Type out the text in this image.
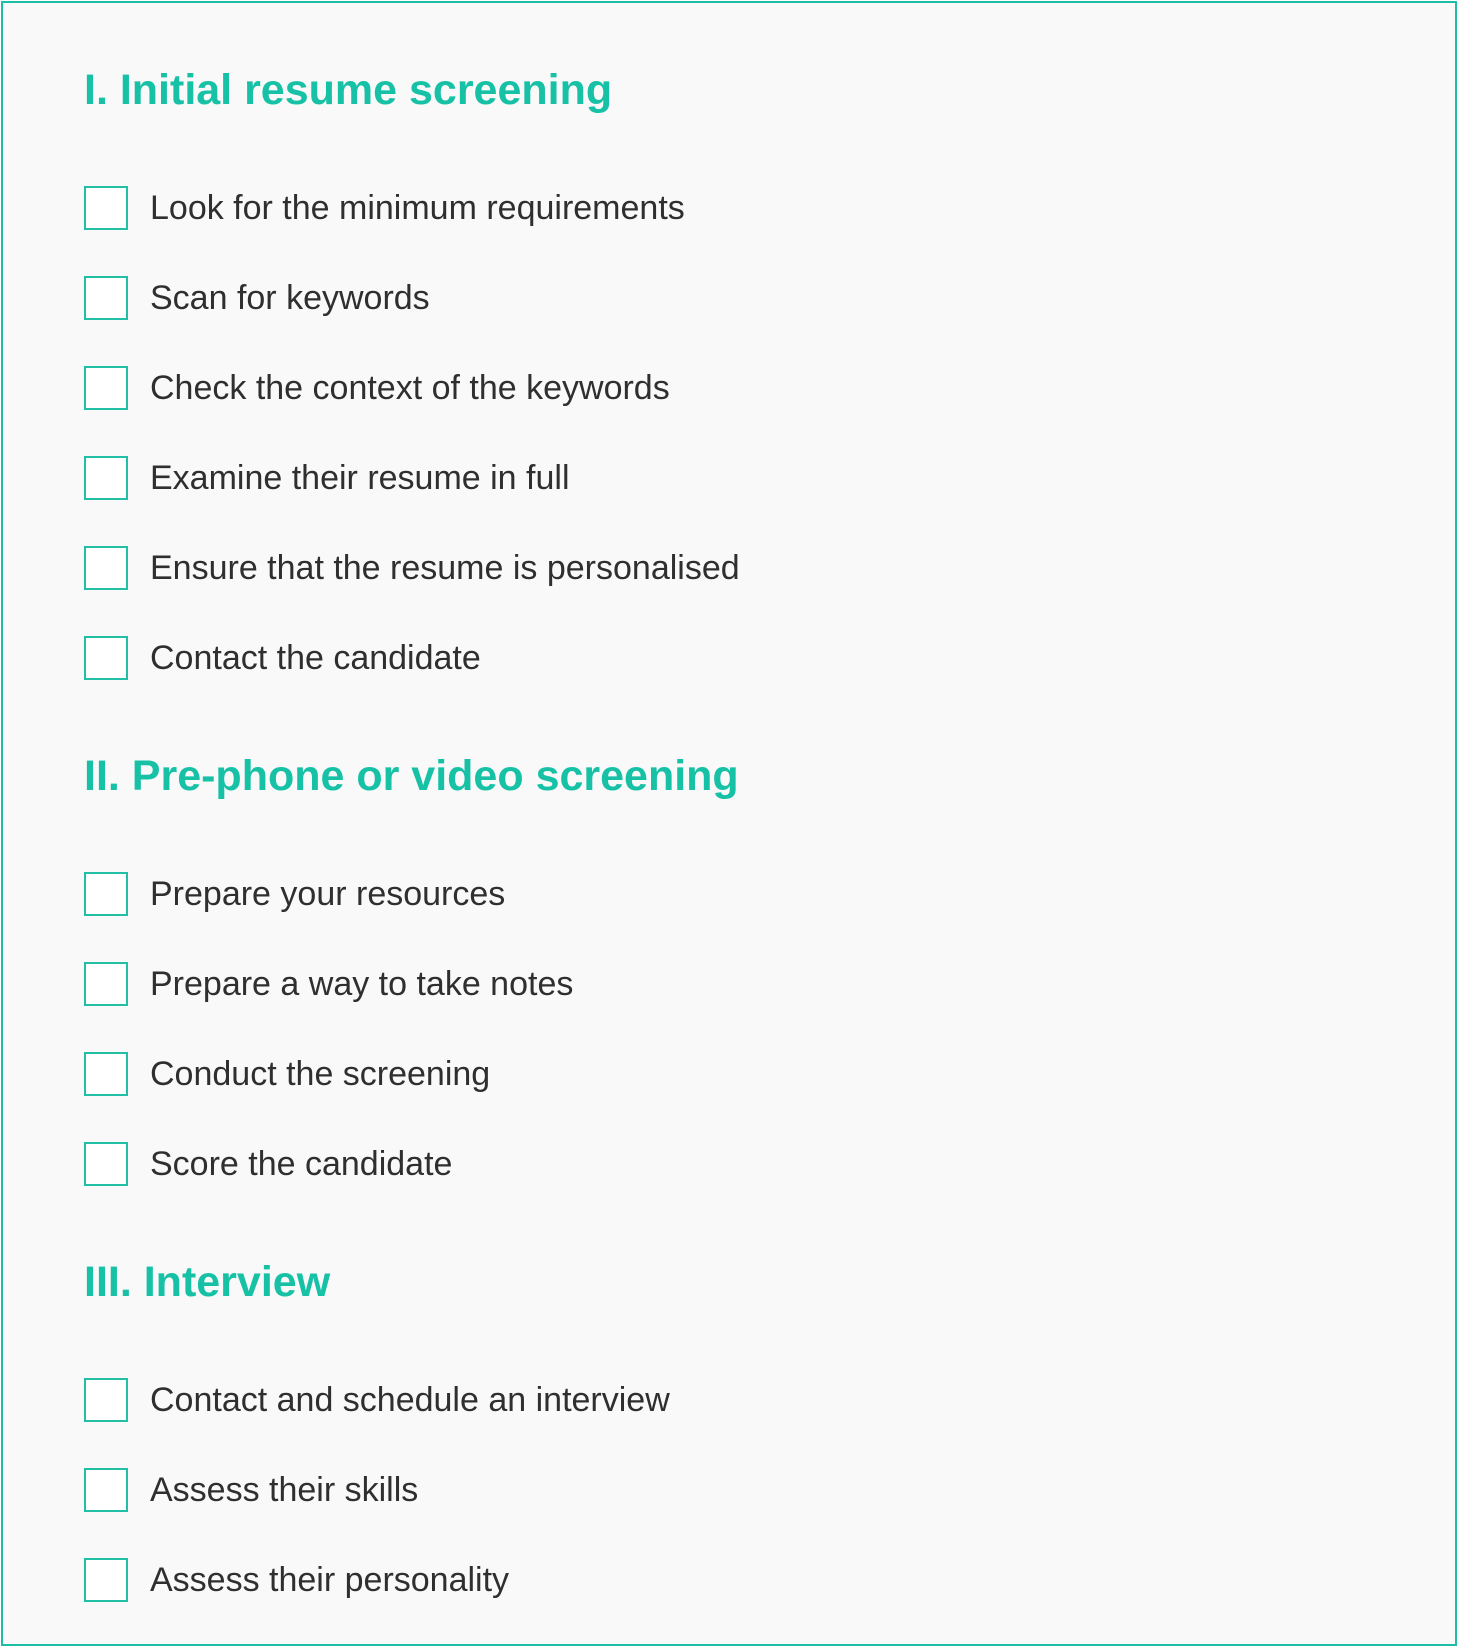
I. Initial resume screening
Look for the minimum requirements
Scan for keywords
Check the context of the keywords
Examine their resume in full
Ensure that the resume is personalised
Contact the candidate
II. Pre-phone or video screening
Prepare your resources
Prepare a way to take notes
Conduct the screening
Score the candidate
III. Interview
Contact and schedule an interview
Assess their skills
Assess their personality
